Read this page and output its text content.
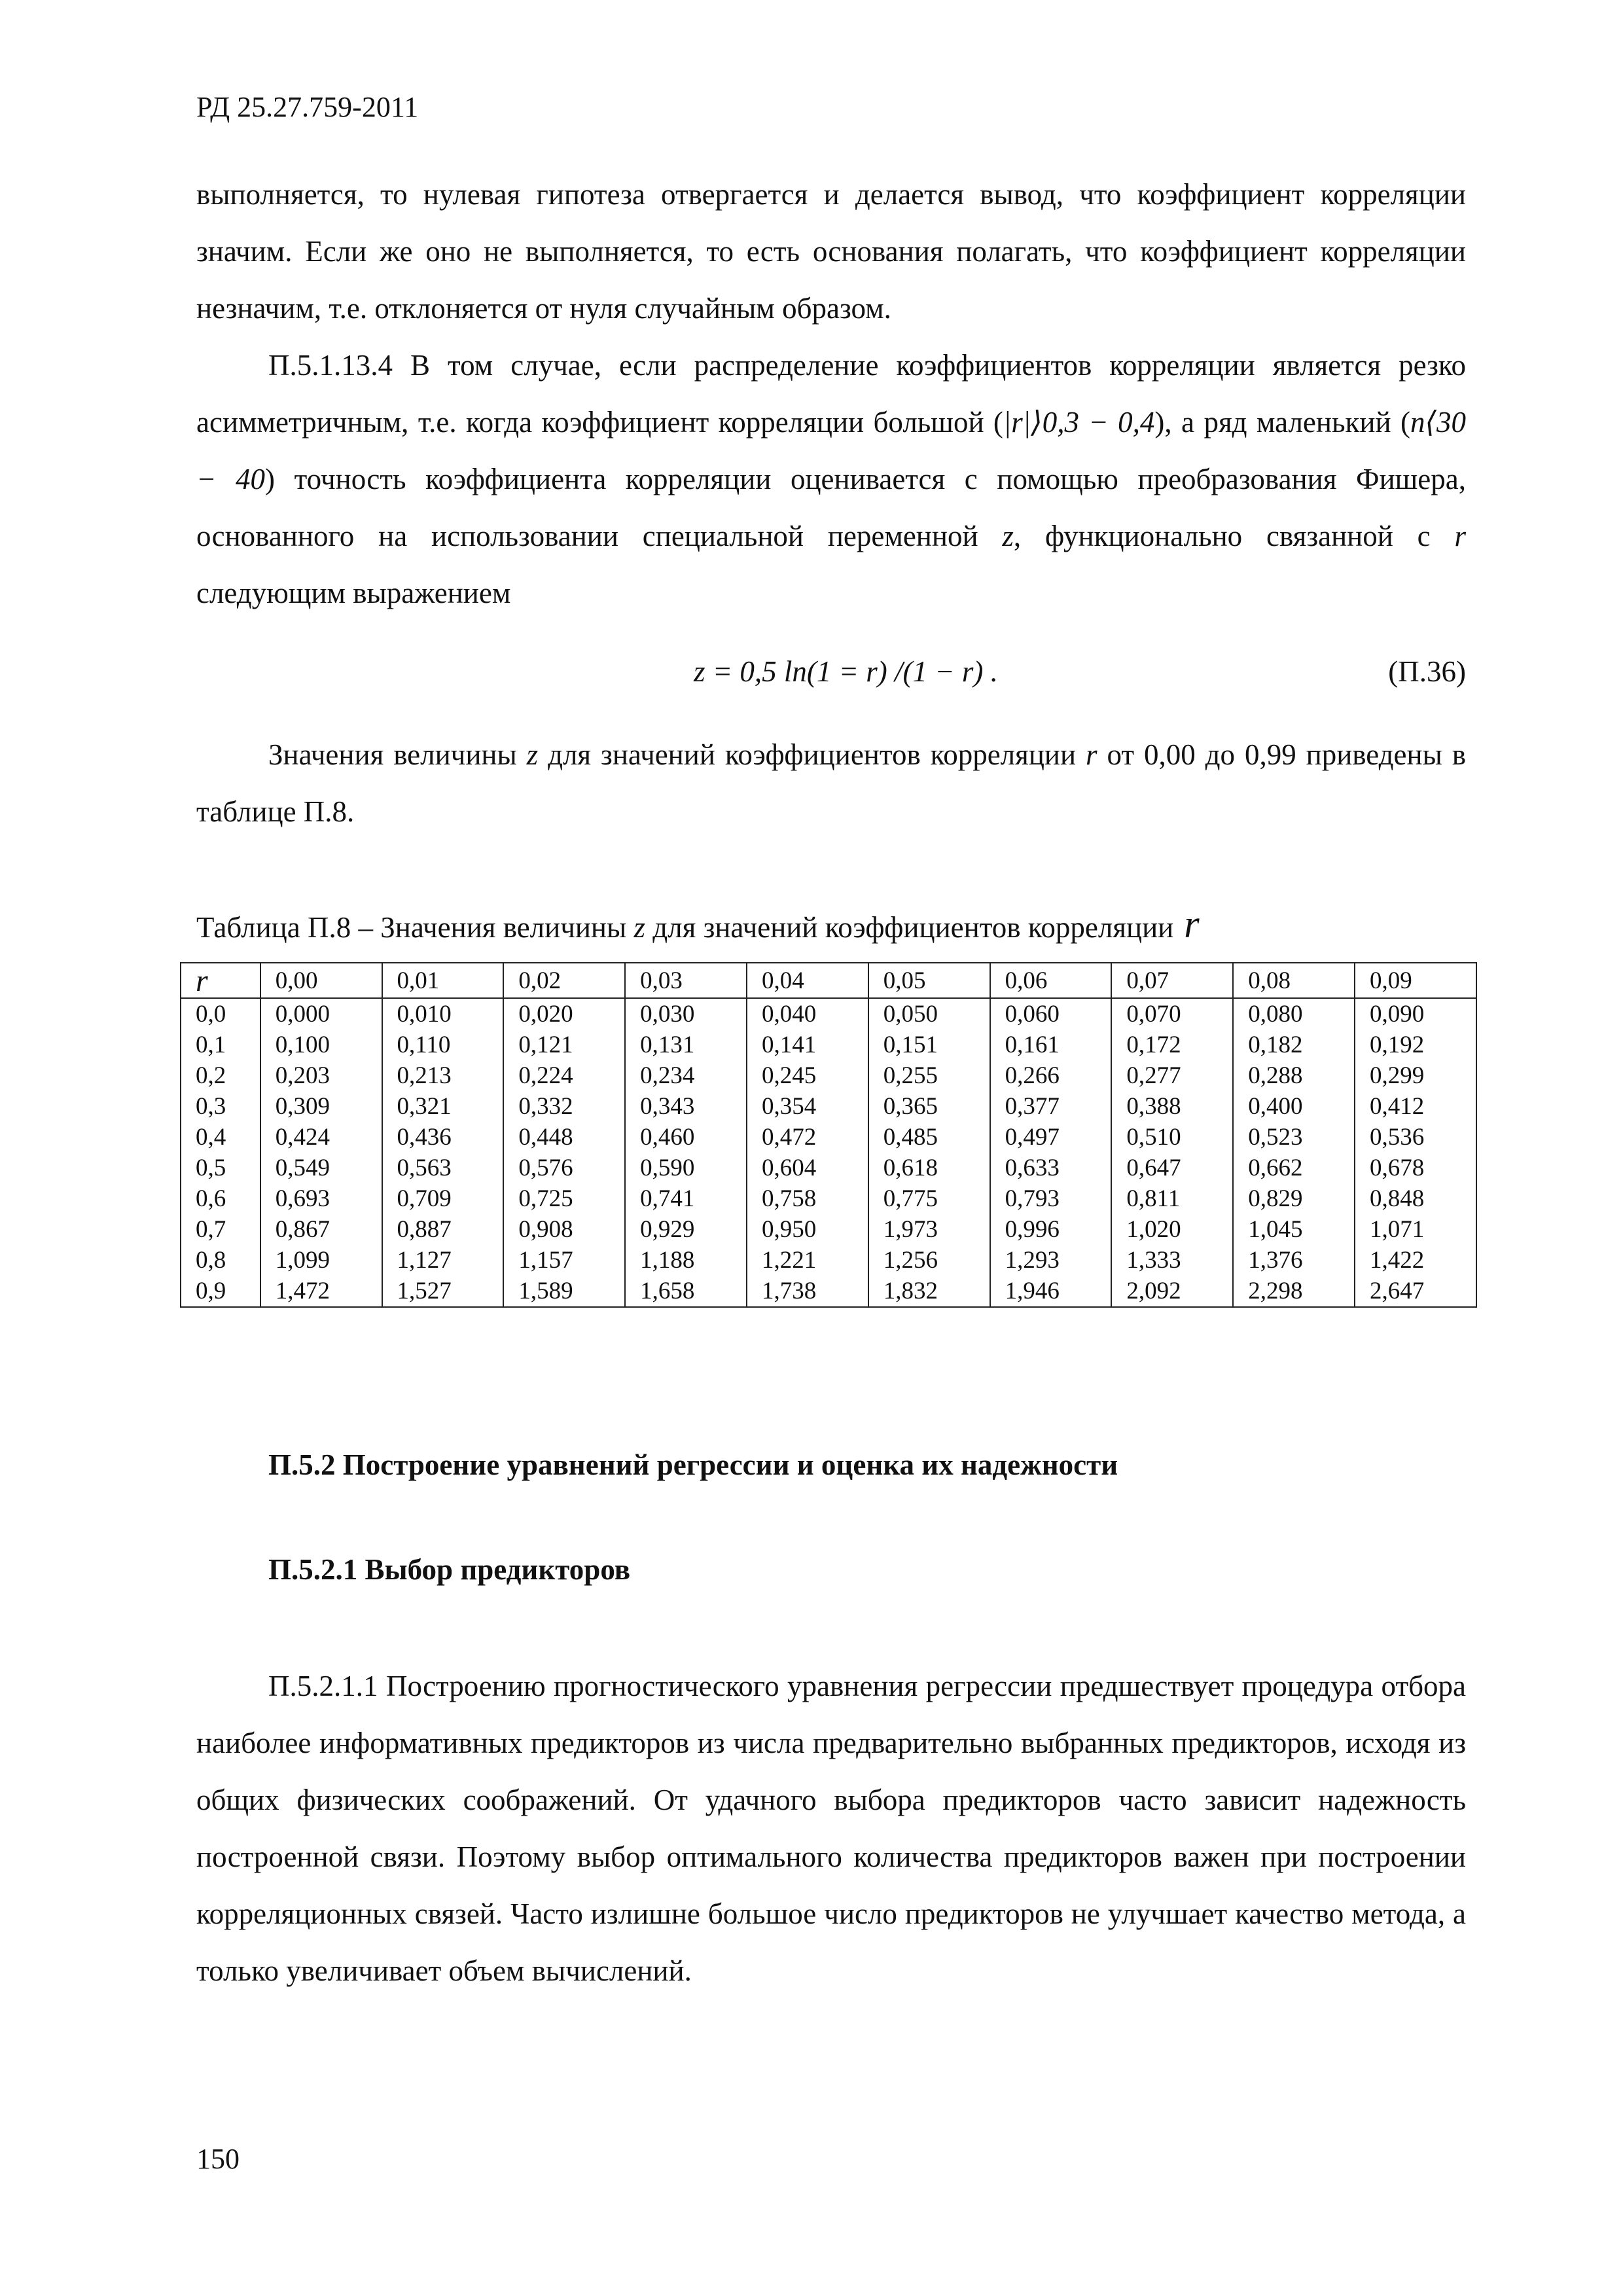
РД 25.27.759-2011

выполняется, то нулевая гипотеза отвергается и делается вывод, что коэффициент корреляции значим. Если же оно не выполняется, то есть основания полагать, что коэффициент корреляции незначим, т.е. отклоняется от нуля случайным образом.

П.5.1.13.4 В том случае, если распределение коэффициентов корреляции является резко асимметричным, т.е. когда коэффициент корреляции большой (|r|⟩0,3 − 0,4), а ряд маленький (n⟨30 − 40) точность коэффициента корреляции оценивается с помощью преобразования Фишера, основанного на использовании специальной переменной z, функционально связанной с r следующим выражением

z = 0,5 ln(1 = r) /(1 − r) .	(П.36)

Значения величины z для значений коэффициентов корреляции r от 0,00 до 0,99 приведены в таблице П.8.

Таблица П.8 – Значения величины z для значений коэффициентов корреляции r
r	0,00	0,01	0,02	0,03	0,04	0,05	0,06	0,07	0,08	0,09
0,0	0,000	0,010	0,020	0,030	0,040	0,050	0,060	0,070	0,080	0,090
0,1	0,100	0,110	0,121	0,131	0,141	0,151	0,161	0,172	0,182	0,192
0,2	0,203	0,213	0,224	0,234	0,245	0,255	0,266	0,277	0,288	0,299
0,3	0,309	0,321	0,332	0,343	0,354	0,365	0,377	0,388	0,400	0,412
0,4	0,424	0,436	0,448	0,460	0,472	0,485	0,497	0,510	0,523	0,536
0,5	0,549	0,563	0,576	0,590	0,604	0,618	0,633	0,647	0,662	0,678
0,6	0,693	0,709	0,725	0,741	0,758	0,775	0,793	0,811	0,829	0,848
0,7	0,867	0,887	0,908	0,929	0,950	1,973	0,996	1,020	1,045	1,071
0,8	1,099	1,127	1,157	1,188	1,221	1,256	1,293	1,333	1,376	1,422
0,9	1,472	1,527	1,589	1,658	1,738	1,832	1,946	2,092	2,298	2,647
П.5.2 Построение уравнений регрессии и оценка их надежности
П.5.2.1 Выбор предикторов

П.5.2.1.1 Построению прогностического уравнения регрессии предшествует процедура отбора наиболее информативных предикторов из числа предварительно выбранных предикторов, исходя из общих физических соображений. От удачного выбора предикторов часто зависит надежность построенной связи. Поэтому выбор оптимального количества предикторов важен при построении корреляционных связей. Часто излишне большое число предикторов не улучшает качество метода, а только увеличивает объем вычислений.

150
